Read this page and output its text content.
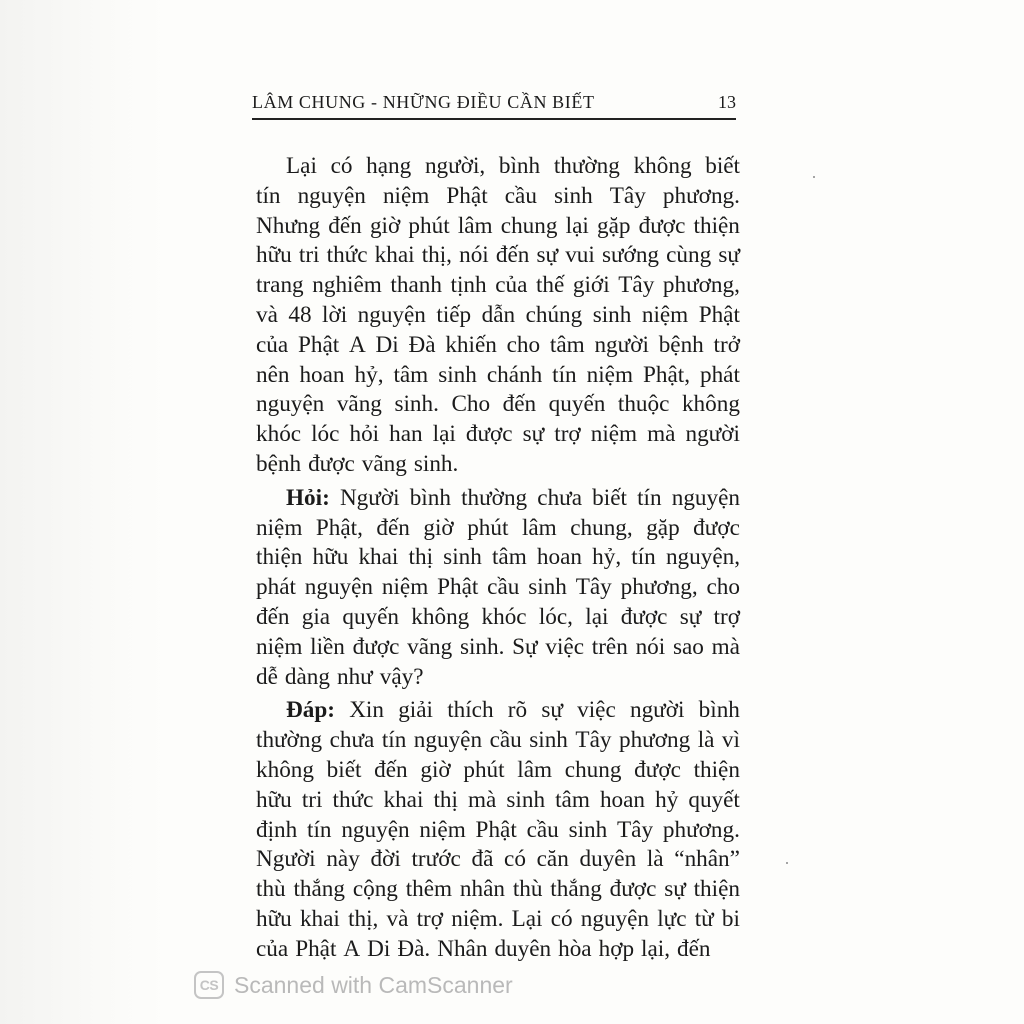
LÂM CHUNG - NHỮNG ĐIỀU CẦN BIẾT	13
Lại có hạng người, bình thường không biết
tín nguyện niệm Phật cầu sinh Tây phương.
Nhưng đến giờ phút lâm chung lại gặp được thiện
hữu tri thức khai thị, nói đến sự vui sướng cùng sự
trang nghiêm thanh tịnh của thế giới Tây phương,
và 48 lời nguyện tiếp dẫn chúng sinh niệm Phật
của Phật A Di Đà khiến cho tâm người bệnh trở
nên hoan hỷ, tâm sinh chánh tín niệm Phật, phát
nguyện vãng sinh. Cho đến quyến thuộc không
khóc lóc hỏi han lại được sự trợ niệm mà người
bệnh được vãng sinh.
Hỏi: Người bình thường chưa biết tín nguyện
niệm Phật, đến giờ phút lâm chung, gặp được
thiện hữu khai thị sinh tâm hoan hỷ, tín nguyện,
phát nguyện niệm Phật cầu sinh Tây phương, cho
đến gia quyến không khóc lóc, lại được sự trợ
niệm liền được vãng sinh. Sự việc trên nói sao mà
dễ dàng như vậy?
Đáp: Xin giải thích rõ sự việc người bình
thường chưa tín nguyện cầu sinh Tây phương là vì
không biết đến giờ phút lâm chung được thiện
hữu tri thức khai thị mà sinh tâm hoan hỷ quyết
định tín nguyện niệm Phật cầu sinh Tây phương.
Người này đời trước đã có căn duyên là “nhân”
thù thắng cộng thêm nhân thù thắng được sự thiện
hữu khai thị, và trợ niệm. Lại có nguyện lực từ bi
của Phật A Di Đà. Nhân duyên hòa hợp lại, đến
CS Scanned with CamScanner
